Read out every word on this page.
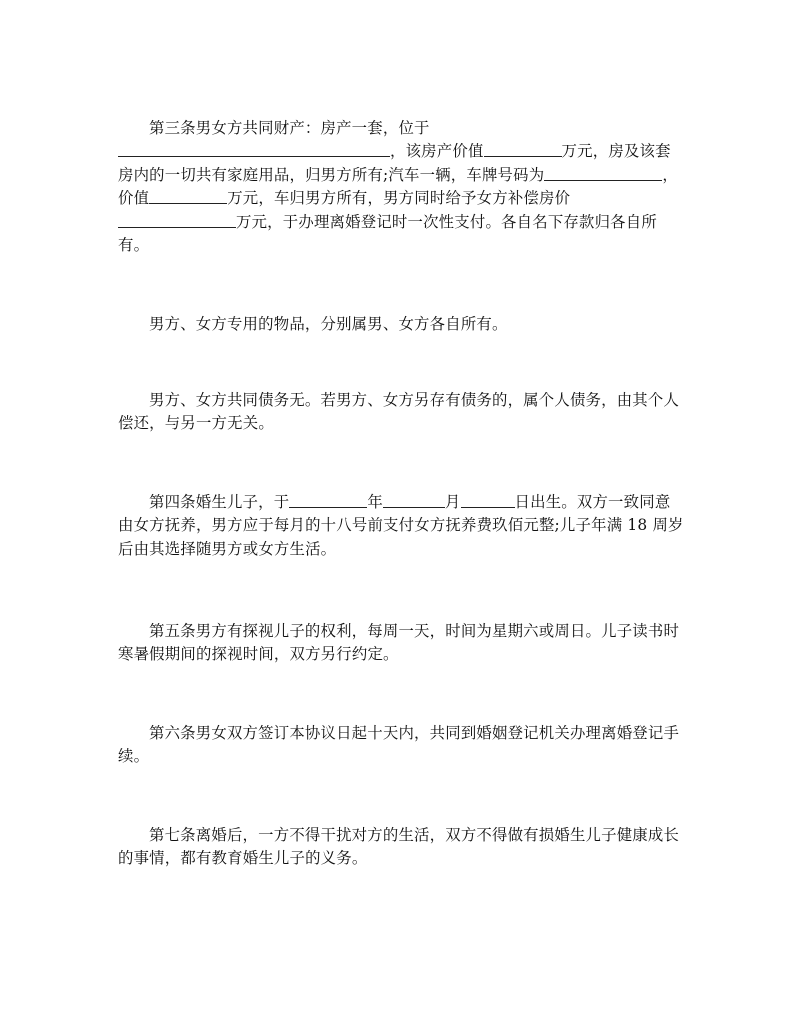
第三条男女方共同财产：房产一套，位于
，该房产价值	万元，房及该套
房内的一切共有家庭用品，归男方所有;汽车一辆，车牌号码为	，
价值	万元，车归男方所有，男方同时给予女方补偿房价
万元，于办理离婚登记时一次性支付。各自名下存款归各自所
有。
男方、女方专用的物品，分别属男、女方各自所有。
男方、女方共同债务无。若男方、女方另存有债务的，属个人债务，由其个人
偿还，与另一方无关。
第四条婚生儿子，于	年	月	日出生。双方一致同意
由女方抚养，男方应于每月的十八号前支付女方抚养费玖佰元整;儿子年满 18 周岁
后由其选择随男方或女方生活。
第五条男方有探视儿子的权利，每周一天，时间为星期六或周日。儿子读书时
寒暑假期间的探视时间，双方另行约定。
第六条男女双方签订本协议日起十天内，共同到婚姻登记机关办理离婚登记手
续。
第七条离婚后，一方不得干扰对方的生活，双方不得做有损婚生儿子健康成长
的事情，都有教育婚生儿子的义务。
